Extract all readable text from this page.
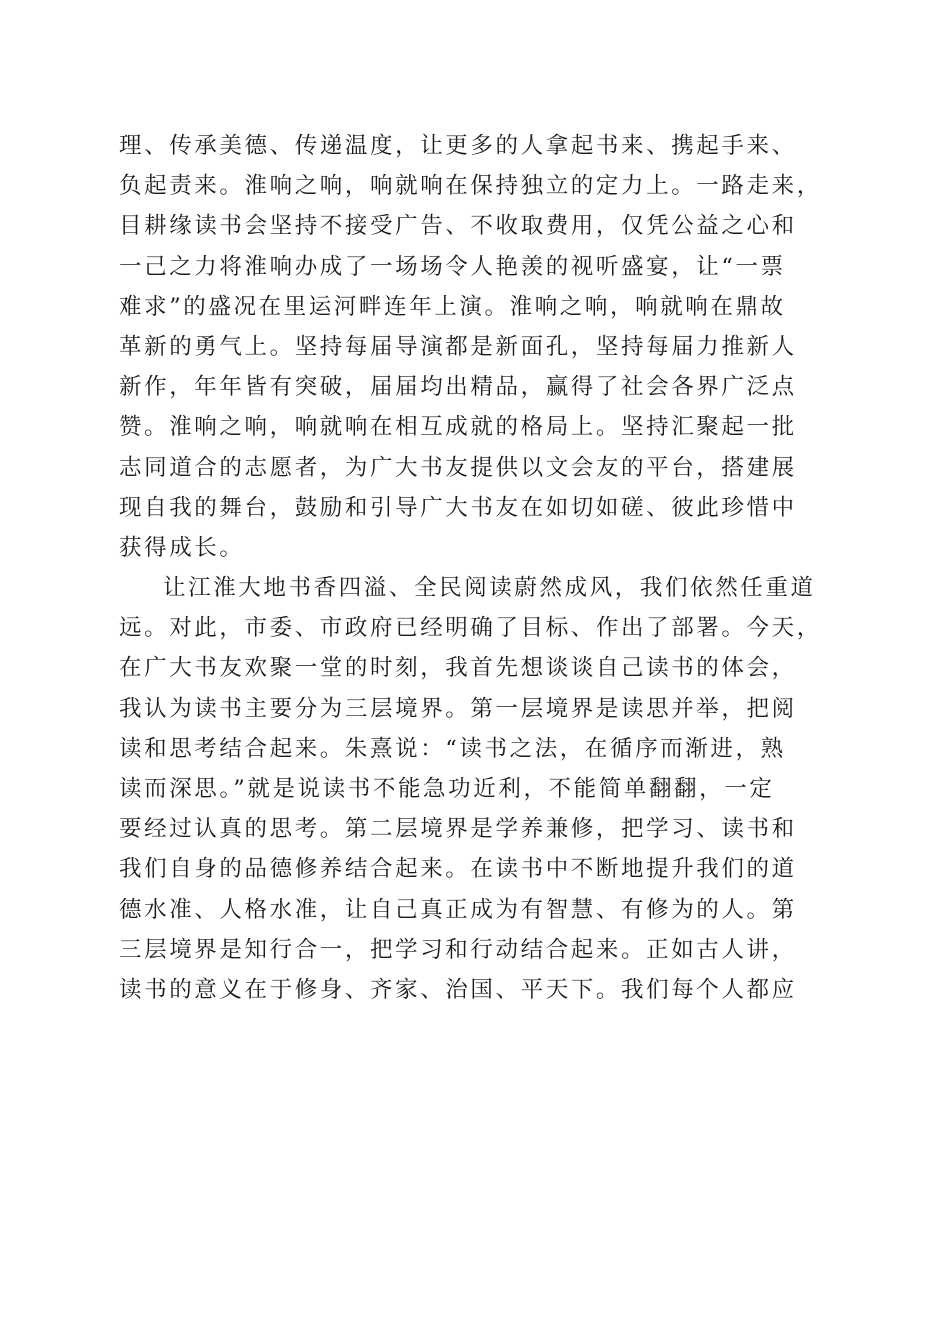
理、传承美德、传递温度，让更多的人拿起书来、携起手来、
负起责来。淮响之响，响就响在保持独立的定力上。一路走来，
目耕缘读书会坚持不接受广告、不收取费用，仅凭公益之心和
一己之力将淮响办成了一场场令人艳羡的视听盛宴，让“一票
难求”的盛况在里运河畔连年上演。淮响之响，响就响在鼎故
革新的勇气上。坚持每届导演都是新面孔，坚持每届力推新人
新作，年年皆有突破，届届均出精品，赢得了社会各界广泛点
赞。淮响之响，响就响在相互成就的格局上。坚持汇聚起一批
志同道合的志愿者，为广大书友提供以文会友的平台，搭建展
现自我的舞台，鼓励和引导广大书友在如切如磋、彼此珍惜中
获得成长。
让江淮大地书香四溢、全民阅读蔚然成风，我们依然任重道
远。对此，市委、市政府已经明确了目标、作出了部署。今天，
在广大书友欢聚一堂的时刻，我首先想谈谈自己读书的体会，
我认为读书主要分为三层境界。第一层境界是读思并举，把阅
读和思考结合起来。朱熹说：“读书之法，在循序而渐进，熟
读而深思。”就是说读书不能急功近利，不能简单翻翻，一定
要经过认真的思考。第二层境界是学养兼修，把学习、读书和
我们自身的品德修养结合起来。在读书中不断地提升我们的道
德水准、人格水准，让自己真正成为有智慧、有修为的人。第
三层境界是知行合一，把学习和行动结合起来。正如古人讲，
读书的意义在于修身、齐家、治国、平天下。我们每个人都应
